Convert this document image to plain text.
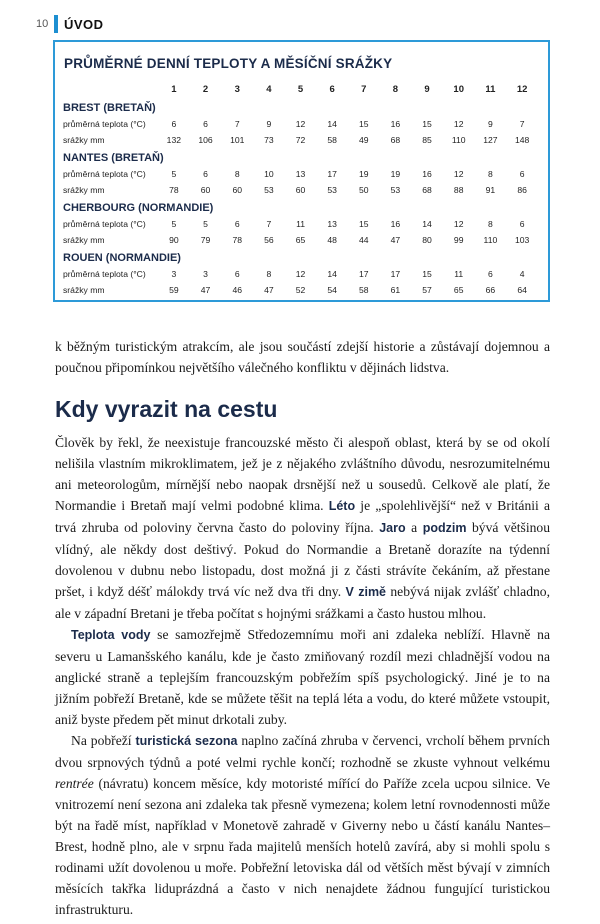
10	ÚVOD
PRŮMĚRNÉ DENNÍ TEPLOTY A MĚSÍČNÍ SRÁŽKY
	1	2	3	4	5	6	7	8	9	10	11	12
BREST (BRETAŇ)												
průměrná teplota (°C)	6	6	7	9	12	14	15	16	15	12	9	7
srážky mm	132	106	101	73	72	58	49	68	85	110	127	148
NANTES (BRETAŇ)												
průměrná teplota (°C)	5	6	8	10	13	17	19	19	16	12	8	6
srážky mm	78	60	60	53	60	53	50	53	68	88	91	86
CHERBOURG (NORMANDIE)												
průměrná teplota (°C)	5	5	6	7	11	13	15	16	14	12	8	6
srážky mm	90	79	78	56	65	48	44	47	80	99	110	103
ROUEN (NORMANDIE)												
průměrná teplota (°C)	3	3	6	8	12	14	17	17	15	11	6	4
srážky mm	59	47	46	47	52	54	58	61	57	65	66	64

k běžným turistickým atrakcím, ale jsou součástí zdejší historie a zůstávají dojemnou a poučnou připomínkou největšího válečného konfliktu v dějinách lidstva.

Kdy vyrazit na cestu

Člověk by řekl, že neexistuje francouzské město či alespoň oblast, která by se od okolí nelišila vlastním mikroklimatem, jež je z nějakého zvláštního důvodu, nesrozumitelnému ani meteorologům, mírnější nebo naopak drsnější než u sousedů. Celkově ale platí, že Normandie i Bretaň mají velmi podobné klima. Léto je „spolehlivější“ než v Británii a trvá zhruba od poloviny června často do poloviny října. Jaro a podzim bývá většinou vlídný, ale někdy dost deštivý. Pokud do Normandie a Bretaně dorazíte na týdenní dovolenou v dubnu nebo listopadu, dost možná ji z části strávíte čekáním, až přestane pršet, i když déšť málokdy trvá víc než dva tři dny. V zimě nebývá nijak zvlášť chladno, ale v západní Bretani je třeba počítat s hojnými srážkami a často hustou mlhou.

Teplota vody se samozřejmě Středozemnímu moři ani zdaleka neblíží. Hlavně na severu u Lamanšského kanálu, kde je často zmiňovaný rozdíl mezi chladnější vodou na anglické straně a teplejším francouzským pobřežím spíš psychologický. Jiné je to na jižním pobřeží Bretaně, kde se můžete těšit na teplá léta a vodu, do které můžete vstoupit, aniž byste předem pět minut drkotali zuby.

Na pobřeží turistická sezona naplno začíná zhruba v červenci, vrcholí během prvních dvou srpnových týdnů a poté velmi rychle končí; rozhodně se zkuste vyhnout velkému rentrée (návratu) koncem měsíce, kdy motoristé mířící do Paříže zcela ucpou silnice. Ve vnitrozemí není sezona ani zdaleka tak přesně vymezena; kolem letní rovnodennosti může být na řadě míst, například v Monetově zahradě v Giverny nebo u částí kanálu Nantes–Brest, hodně plno, ale v srpnu řada majitelů menších hotelů zavírá, aby si mohli spolu s rodinami užít dovolenou u moře. Pobřežní letoviska dál od větších měst bývají v zimních měsících takřka liduprázdná a často v nich nenajdete žádnou fungující turistickou infrastrukturu.
